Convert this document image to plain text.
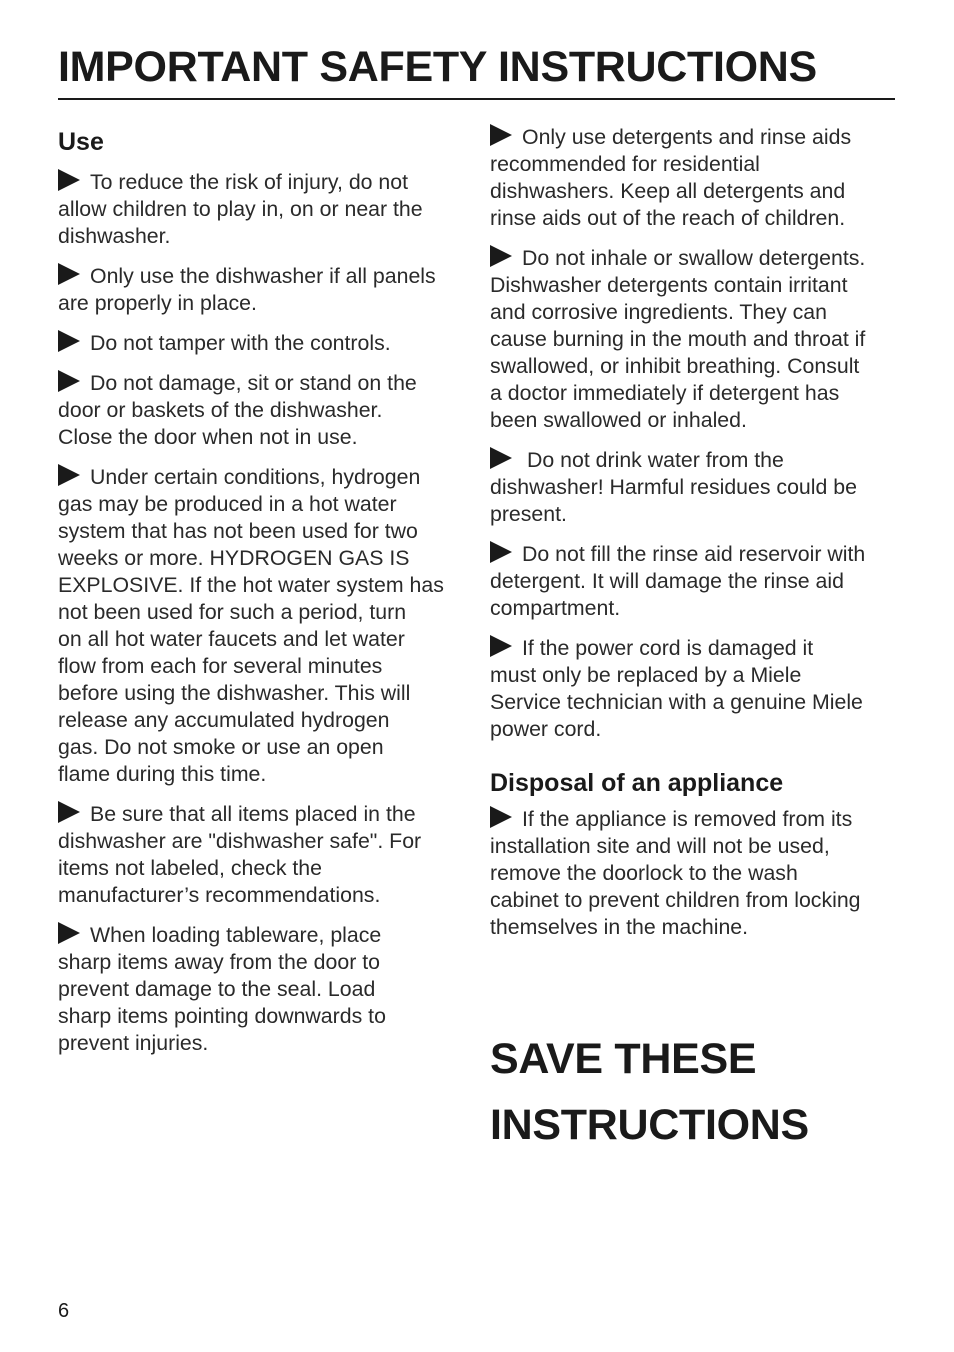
IMPORTANT SAFETY INSTRUCTIONS
Use

To reduce the risk of injury, do not
allow children to play in, on or near the
dishwasher.

Only use the dishwasher if all panels
are properly in place.

Do not tamper with the controls.

Do not damage, sit or stand on the
door or baskets of the dishwasher.
Close the door when not in use.

Under certain conditions, hydrogen
gas may be produced in a hot water
system that has not been used for two
weeks or more. HYDROGEN GAS IS
EXPLOSIVE. If the hot water system has
not been used for such a period, turn
on all hot water faucets and let water
flow from each for several minutes
before using the dishwasher. This will
release any accumulated hydrogen
gas. Do not smoke or use an open
flame during this time.

Be sure that all items placed in the
dishwasher are "dishwasher safe". For
items not labeled, check the
manufacturer’s recommendations.

When loading tableware, place
sharp items away from the door to
prevent damage to the seal. Load
sharp items pointing downwards to
prevent injuries.

Only use detergents and rinse aids
recommended for residential
dishwashers. Keep all detergents and
rinse aids out of the reach of children.

Do not inhale or swallow detergents.
Dishwasher detergents contain irritant
and corrosive ingredients. They can
cause burning in the mouth and throat if
swallowed, or inhibit breathing. Consult
a doctor immediately if detergent has
been swallowed or inhaled.

Do not drink water from the
dishwasher! Harmful residues could be
present.

Do not fill the rinse aid reservoir with
detergent. It will damage the rinse aid
compartment.

If the power cord is damaged it
must only be replaced by a Miele
Service technician with a genuine Miele
power cord.

Disposal of an appliance

If the appliance is removed from its
installation site and will not be used,
remove the doorlock to the wash
cabinet to prevent children from locking
themselves in the machine.

SAVE THESE
INSTRUCTIONS
6
